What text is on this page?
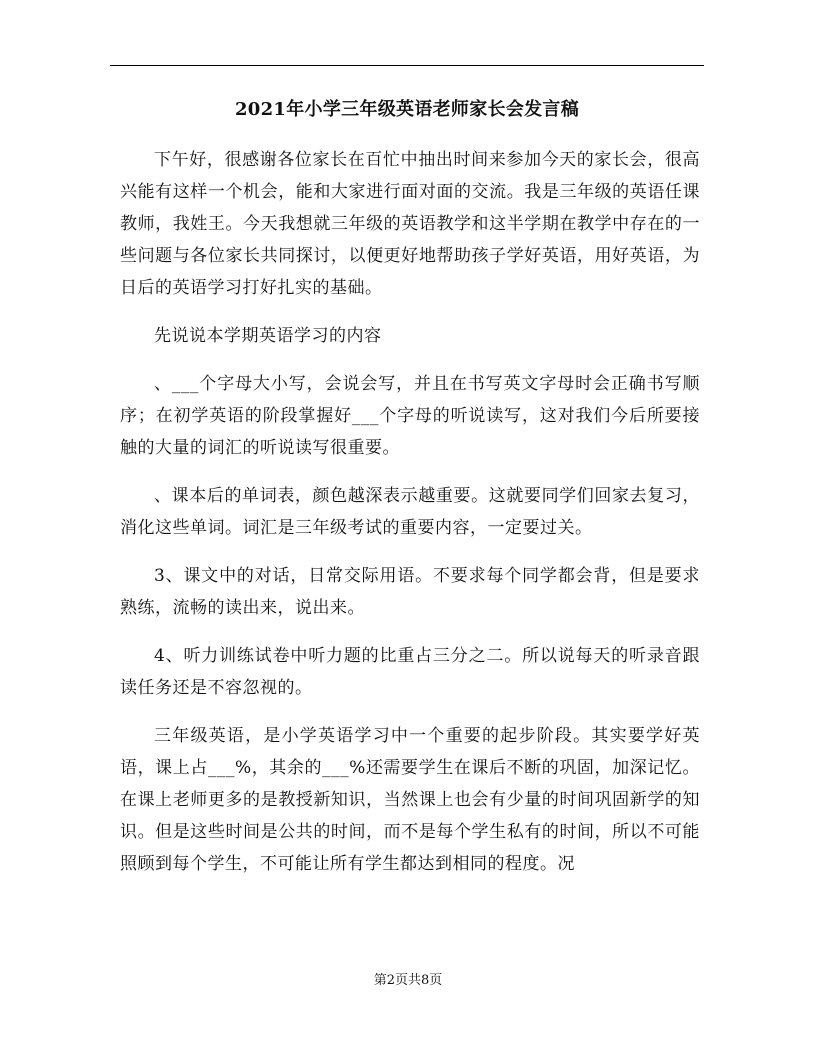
2021年小学三年级英语老师家长会发言稿

下午好，很感谢各位家长在百忙中抽出时间来参加今天的家长会，很高兴能有这样一个机会，能和大家进行面对面的交流。我是三年级的英语任课教师，我姓王。今天我想就三年级的英语教学和这半学期在教学中存在的一些问题与各位家长共同探讨，以便更好地帮助孩子学好英语，用好英语，为日后的英语学习打好扎实的基础。

先说说本学期英语学习的内容

、___个字母大小写，会说会写，并且在书写英文字母时会正确书写顺序；在初学英语的阶段掌握好___个字母的听说读写，这对我们今后所要接触的大量的词汇的听说读写很重要。

、课本后的单词表，颜色越深表示越重要。这就要同学们回家去复习，消化这些单词。词汇是三年级考试的重要内容，一定要过关。

3、课文中的对话，日常交际用语。不要求每个同学都会背，但是要求熟练，流畅的读出来，说出来。

4、听力训练试卷中听力题的比重占三分之二。所以说每天的听录音跟读任务还是不容忽视的。

三年级英语，是小学英语学习中一个重要的起步阶段。其实要学好英语，课上占___%，其余的___%还需要学生在课后不断的巩固，加深记忆。在课上老师更多的是教授新知识，当然课上也会有少量的时间巩固新学的知识。但是这些时间是公共的时间，而不是每个学生私有的时间，所以不可能照顾到每个学生，不可能让所有学生都达到相同的程度。况

第2页共8页
